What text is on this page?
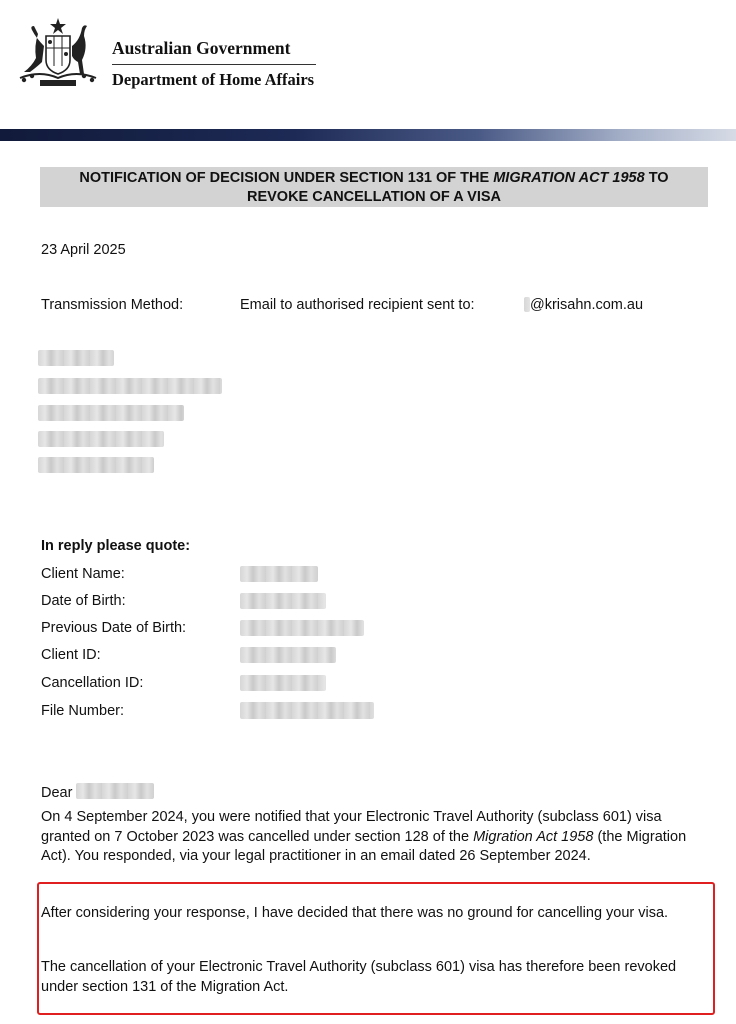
Australian Government
Department of Home Affairs
NOTIFICATION OF DECISION UNDER SECTION 131 OF THE MIGRATION ACT 1958 TO
REVOKE CANCELLATION OF A VISA
23 April 2025
Transmission Method:	Email to authorised recipient sent to:	@krisahn.com.au
In reply please quote:
Client Name:
Date of Birth:
Previous Date of Birth:
Client ID:
Cancellation ID:
File Number:
Dear
On 4 September 2024, you were notified that your Electronic Travel Authority (subclass 601) visa granted on 7 October 2023 was cancelled under section 128 of the Migration Act 1958 (the Migration Act). You responded, via your legal practitioner in an email dated 26 September 2024.
After considering your response, I have decided that there was no ground for cancelling your visa.
The cancellation of your Electronic Travel Authority (subclass 601) visa has therefore been revoked under section 131 of the Migration Act.
